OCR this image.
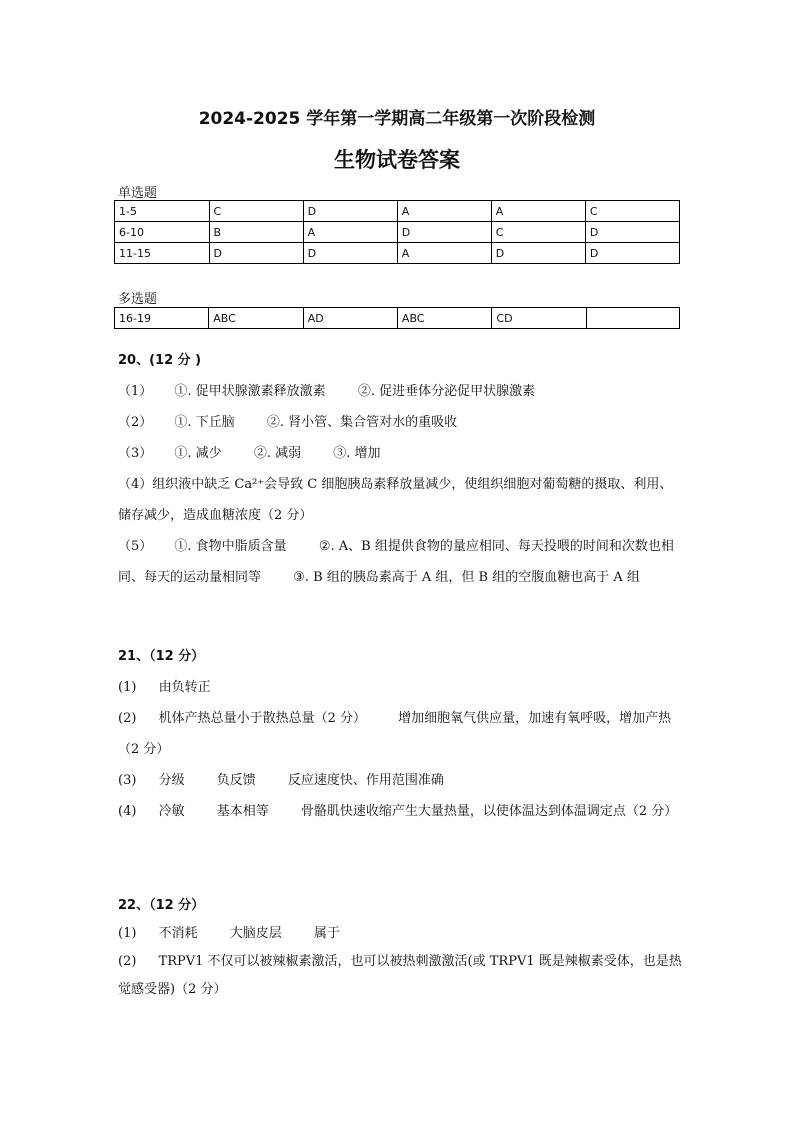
2024-2025 学年第一学期高二年级第一次阶段检测
生物试卷答案
单选题
1-5	C	D	A	A	C
6-10	B	A	D	C	D
11-15	D	D	A	D	D
多选题
16-19	ABC	AD	ABC	CD	
20、(12 分 )
（1） ①. 促甲状腺激素释放激素 ②. 促进垂体分泌促甲状腺激素
（2） ①. 下丘脑 ②. 肾小管、集合管对水的重吸收
（3） ①. 减少 ②. 减弱 ③. 增加
（4）组织液中缺乏 Ca²⁺会导致 C 细胞胰岛素释放量减少，使组织细胞对葡萄糖的摄取、利用、储存减少，造成血糖浓度（2 分）
（5） ①. 食物中脂质含量 ②. A、B 组提供食物的量应相同、每天投喂的时间和次数也相同、每天的运动量相同等 ③. B 组的胰岛素高于 A 组，但 B 组的空腹血糖也高于 A 组
21、（12 分）
(1) 由负转正
(2) 机体产热总量小于散热总量（2 分） 增加细胞氧气供应量，加速有氧呼吸，增加产热（2 分）
(3) 分级 负反馈 反应速度快、作用范围准确
(4) 冷敏 基本相等 骨骼肌快速收缩产生大量热量，以使体温达到体温调定点（2 分）
22、（12 分）
(1) 不消耗 大脑皮层 属于
(2) TRPV1 不仅可以被辣椒素激活，也可以被热刺激激活(或 TRPV1 既是辣椒素受体，也是热觉感受器)（2 分）
